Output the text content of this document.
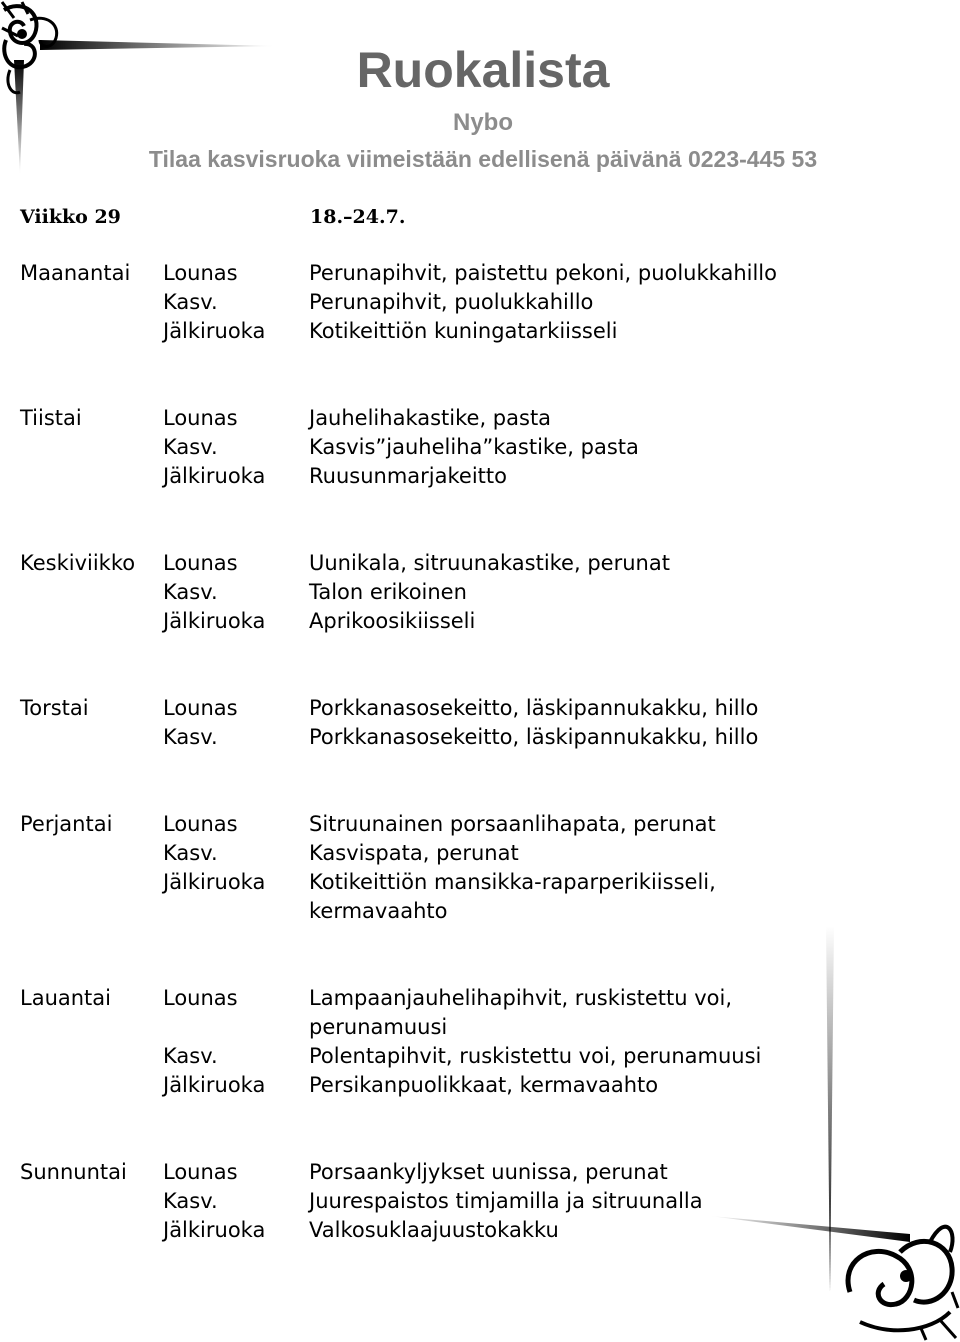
Ruokalista
Nybo
Tilaa kasvisruoka viimeistään edellisenä päivänä 0223-445 53
Viikko 29	18.–24.7.
Maanantai Lounas	Perunapihvit, paistettu pekoni, puolukkahillo
Kasv.	Perunapihvit, puolukkahillo
Jälkiruoka Kotikeittiön kuningatarkiisseli
Tiistai	Lounas	Jauhelihakastike, pasta
Kasv.	Kasvis”jauheliha”kastike, pasta
Jälkiruoka Ruusunmarjakeitto
Keskiviikko Lounas	Uunikala, sitruunakastike, perunat
Kasv.	Talon erikoinen
Jälkiruoka Aprikoosikiisseli
Torstai	Lounas	Porkkanasosekeitto, läskipannukakku, hillo
Kasv.	Porkkanasosekeitto, läskipannukakku, hillo
Perjantai Lounas	Sitruunainen porsaanlihapata, perunat
Kasv.	Kasvispata, perunat
Jälkiruoka Kotikeittiön mansikka-raparperikiisseli,
kermavaahto
Lauantai Lounas	Lampaanjauhelihapihvit, ruskistettu voi,
perunamuusi
Kasv.	Polentapihvit, ruskistettu voi, perunamuusi
Jälkiruoka Persikanpuolikkaat, kermavaahto
Sunnuntai Lounas	Porsaankyljykset uunissa, perunat
Kasv.	Juurespaistos timjamilla ja sitruunalla
Jälkiruoka Valkosuklaajuustokakku
